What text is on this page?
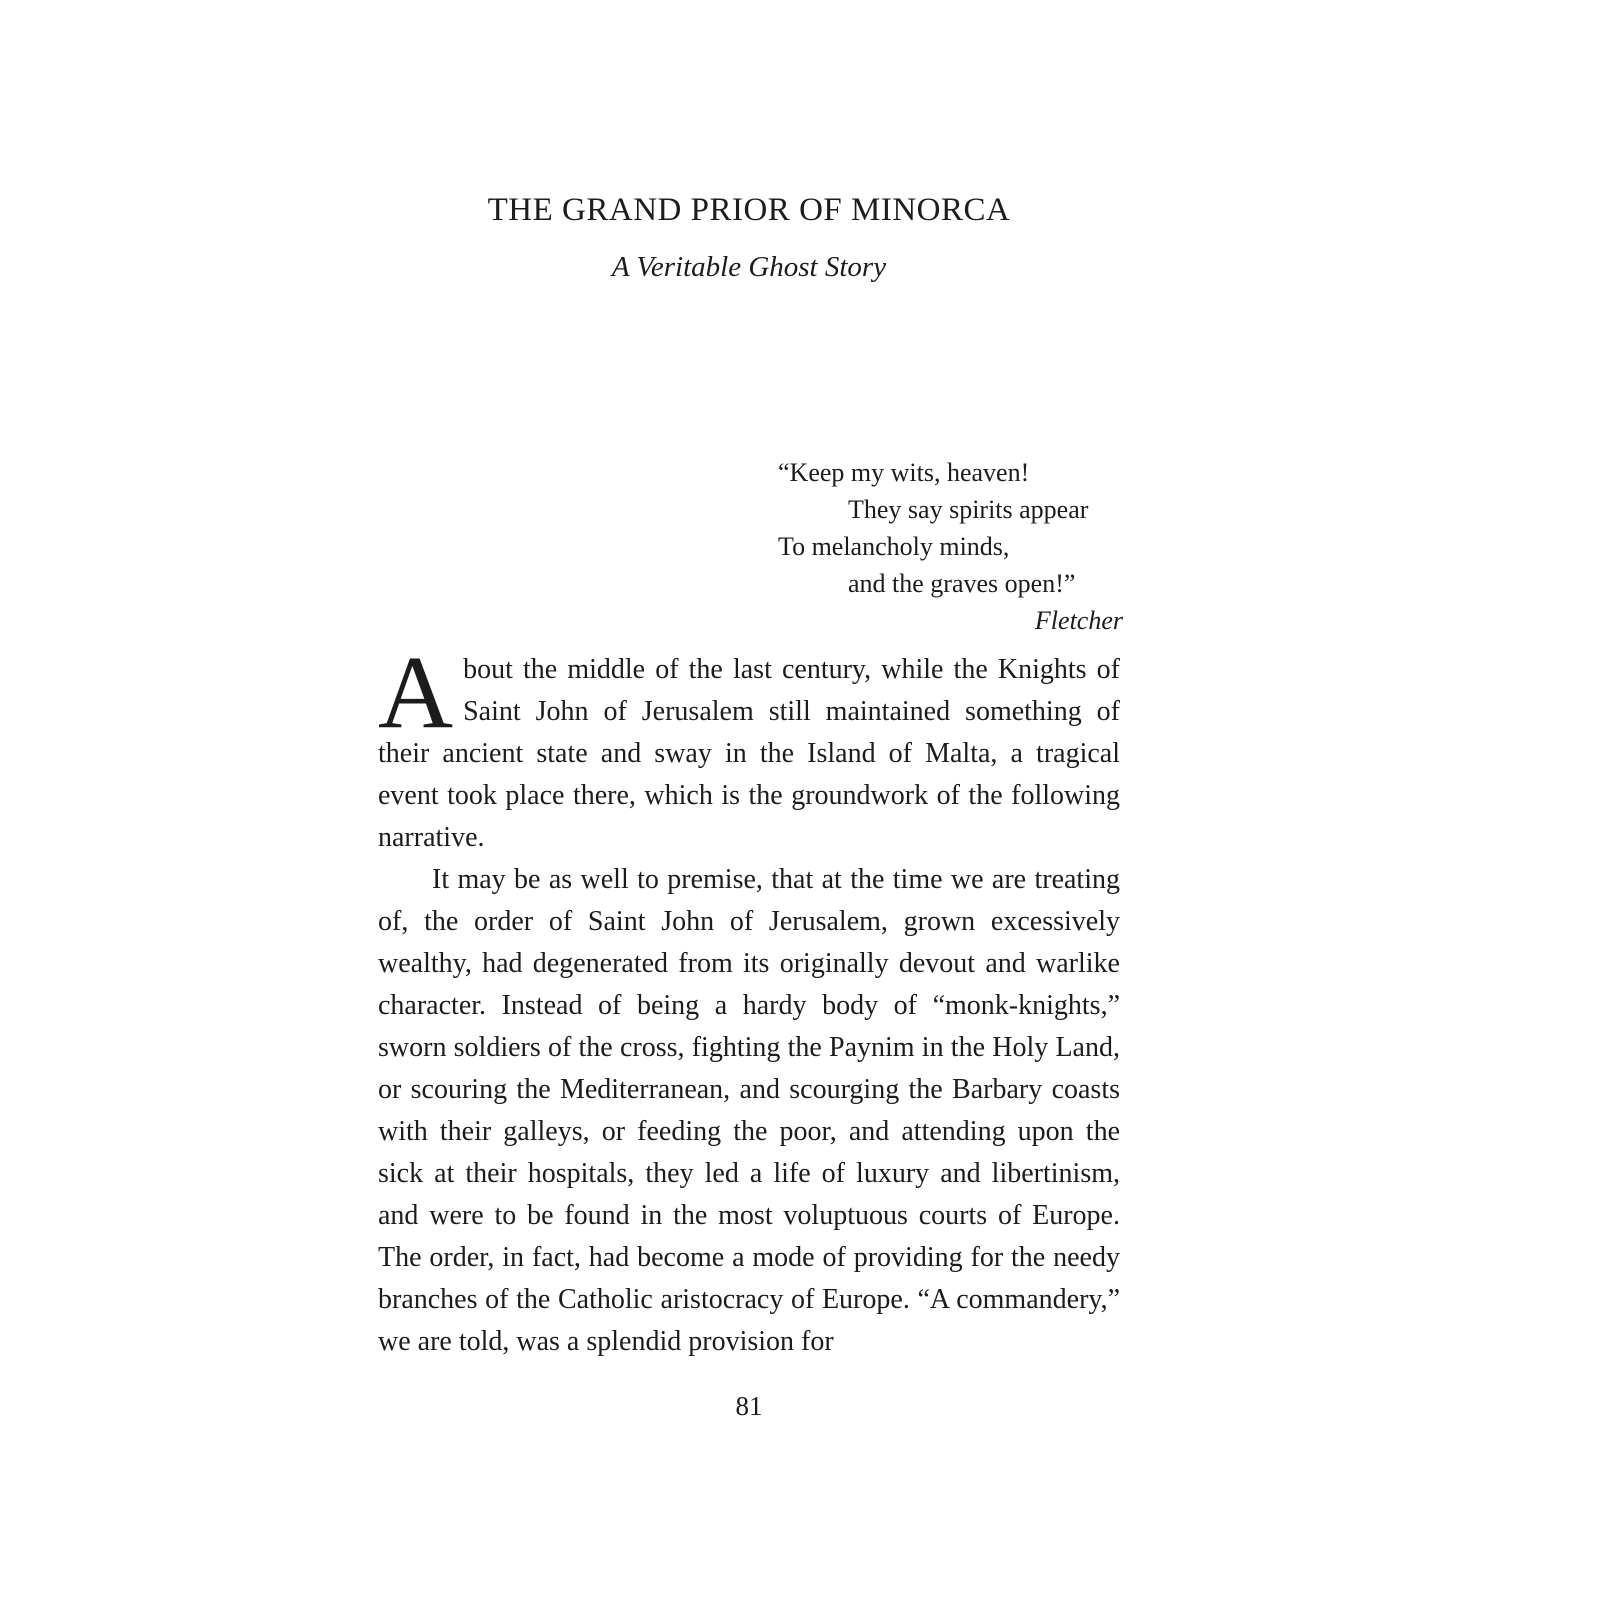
THE GRAND PRIOR OF MINORCA
A Veritable Ghost Story
“Keep my wits, heaven!
They say spirits appear
To melancholy minds,
and the graves open!”
Fletcher

About the middle of the last century, while the Knights of Saint John of Jerusalem still maintained something of their ancient state and sway in the Island of Malta, a tragical event took place there, which is the groundwork of the following narrative.

It may be as well to premise, that at the time we are treating of, the order of Saint John of Jerusalem, grown excessively wealthy, had degenerated from its originally devout and warlike character. Instead of being a hardy body of “monk-knights,” sworn soldiers of the cross, fighting the Paynim in the Holy Land, or scouring the Mediterranean, and scourging the Barbary coasts with their galleys, or feeding the poor, and attending upon the sick at their hospitals, they led a life of luxury and libertinism, and were to be found in the most voluptuous courts of Europe. The order, in fact, had become a mode of providing for the needy branches of the Catholic aristocracy of Europe. “A commandery,” we are told, was a splendid provision for

81
